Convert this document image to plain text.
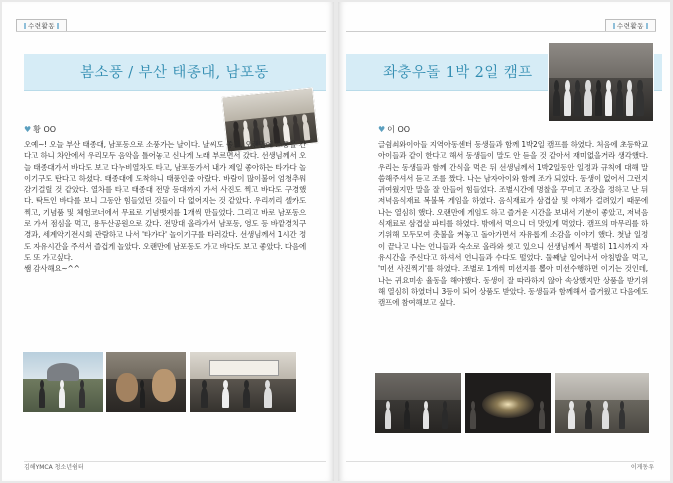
수련활동
봄소풍 / 부산 태종대, 남포동
♥ 황 OO

오예~! 오늘 부산 태종대, 남포동으로 소풍가는 날이다. 날씨도 좋고, 오랜만에 소풍을 간다고 하니 차안에서 우리모두 음악을 틀어놓고 신나게 노래 부르면서 갔다. 선생님께서 오늘 태종대가서 바다도 보고 다누비열차도 타고, 남포동가서 내가 제일 좋아하는 타가다 놀이기구도 탄다고 하셨다. 태종대에 도착하니 태풍인줄 아랐다. 바람이 많이불어 엄청추워 감기걸릴 것 같았다. 열차를 타고 태종대 전망 등대까지 가서 사진도 찍고 바다도 구경했다. 탁트인 바다를 보니 그동안 힘들었던 것들이 다 없어지는 것 같았다. 우리끼리 셀카도 찍고, 기념품 및 체험코너에서 무료로 기념뱃지를 1개씩 만들었다. 그리고 바로 남포동으로 가서 점심을 먹고, 용두산공원으로 갔다. 전망대 올라가서 남포동, 영도 등 바깥경치구경과, 세계악기전시회 관람하고 나서 '타가다' 놀이기구를 타러갔다. 선생님께서 1시간 정도 자유시간을 주셔서 즐겁게 놀았다. 오랜만에 남포동도 가고 바다도 보고 좋았다. 다음에도 또 가고싶다.

쌤 감사해요~^^

김해YMCA 청소년쉼터
수련활동
좌충우돌 1박 2일 캠프
♥ 이 OO

글쉼쇠와이아들 지역아동센터 동생들과 함께 1박2일 캠프를 하였다. 처음에 초등학교 아이들과 같이 한다고 해서 동생들이 말도 안 듣을 것 같아서 재미없을거라 생각했다. 우리는 동생들과 함께 간식을 먹은 뒤 선생님께서 1박2일동안 일정과 규칙에 대해 말씀해주셔서 듣고 조를 짰다. 나는 남자아이와 함께 조가 되었다. 동생이 없어서 그런지 귀여웠지만 말을 잘 안들어 힘들었다. 조별시간에 명찰을 꾸미고 조장을 정하고 난 뒤 저녁음식재료 복불복 게임을 하였다. 음식재료가 삼겹살 및 야채가 걸려있기 때문에 나는 열심히 했다. 오랜만에 게임도 하고 즐거운 시간을 보내서 기분이 좋았고, 저녁음식재료로 삼겹살 파티를 하였다. 밖에서 먹으니 더 맛있게 먹었다. 캠프의 마무리를 하기위해 모두모여 촛불을 켜놓고 돌아가면서 자유롭게 소감을 이야기 했다. 첫날 일정이 끝나고 나는 언니들과 숙소로 올라와 씻고 있으니 선생님께서 특별히 11시까지 자유시간을 주신다고 하셔서 언니들과 수다도 떨었다. 둘째날 일어나서 아침밥을 먹고, '미션 사진찍기'를 하였다. 조별로 1개씩 미션지를 뽑아 미션수행하면 이기는 것인데, 나는 귀요미송 율동을 해야했다. 동생이 잘 따라하지 않아 속상했지만 상품을 받기위해 열심히 하였더니 3등이 되어 상품도 받았다. 동생들과 함께해서 즐거웠고 다음에도 캠프에 참여해보고 싶다.

이게동우
